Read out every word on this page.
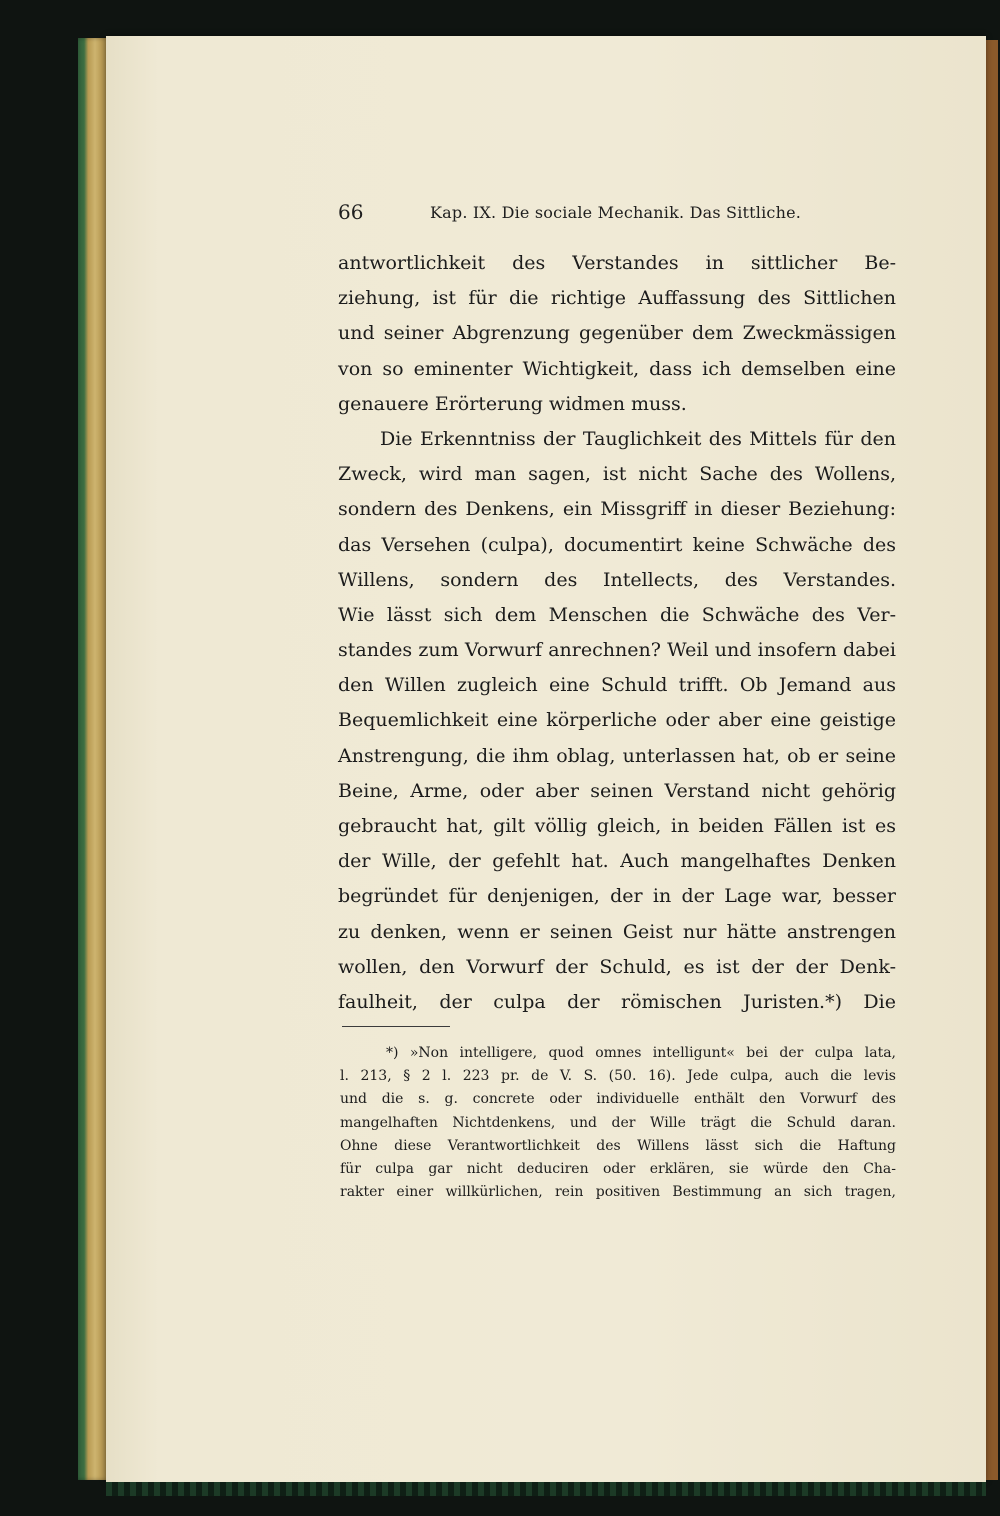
66	Kap. IX. Die sociale Mechanik. Das Sittliche.
antwortlichkeit des Verstandes in sittlicher Be-
ziehung, ist für die richtige Auffassung des Sittlichen
und seiner Abgrenzung gegenüber dem Zweckmässigen
von so eminenter Wichtigkeit, dass ich demselben eine
genauere Erörterung widmen muss.
Die Erkenntniss der Tauglichkeit des Mittels für den
Zweck, wird man sagen, ist nicht Sache des Wollens,
sondern des Denkens, ein Missgriff in dieser Beziehung:
das Versehen (culpa), documentirt keine Schwäche des
Willens, sondern des Intellects, des Verstandes.
Wie lässt sich dem Menschen die Schwäche des Ver-
standes zum Vorwurf anrechnen? Weil und insofern dabei
den Willen zugleich eine Schuld trifft. Ob Jemand aus
Bequemlichkeit eine körperliche oder aber eine geistige
Anstrengung, die ihm oblag, unterlassen hat, ob er seine
Beine, Arme, oder aber seinen Verstand nicht gehörig
gebraucht hat, gilt völlig gleich, in beiden Fällen ist es
der Wille, der gefehlt hat. Auch mangelhaftes Denken
begründet für denjenigen, der in der Lage war, besser
zu denken, wenn er seinen Geist nur hätte anstrengen
wollen, den Vorwurf der Schuld, es ist der der Denk-
faulheit, der culpa der römischen Juristen.*) Die
*) »Non intelligere, quod omnes intelligunt« bei der culpa lata,
l. 213, § 2 l. 223 pr. de V. S. (50. 16). Jede culpa, auch die levis
und die s. g. concrete oder individuelle enthält den Vorwurf des
mangelhaften Nichtdenkens, und der Wille trägt die Schuld daran.
Ohne diese Verantwortlichkeit des Willens lässt sich die Haftung
für culpa gar nicht deduciren oder erklären, sie würde den Cha-
rakter einer willkürlichen, rein positiven Bestimmung an sich tragen,
